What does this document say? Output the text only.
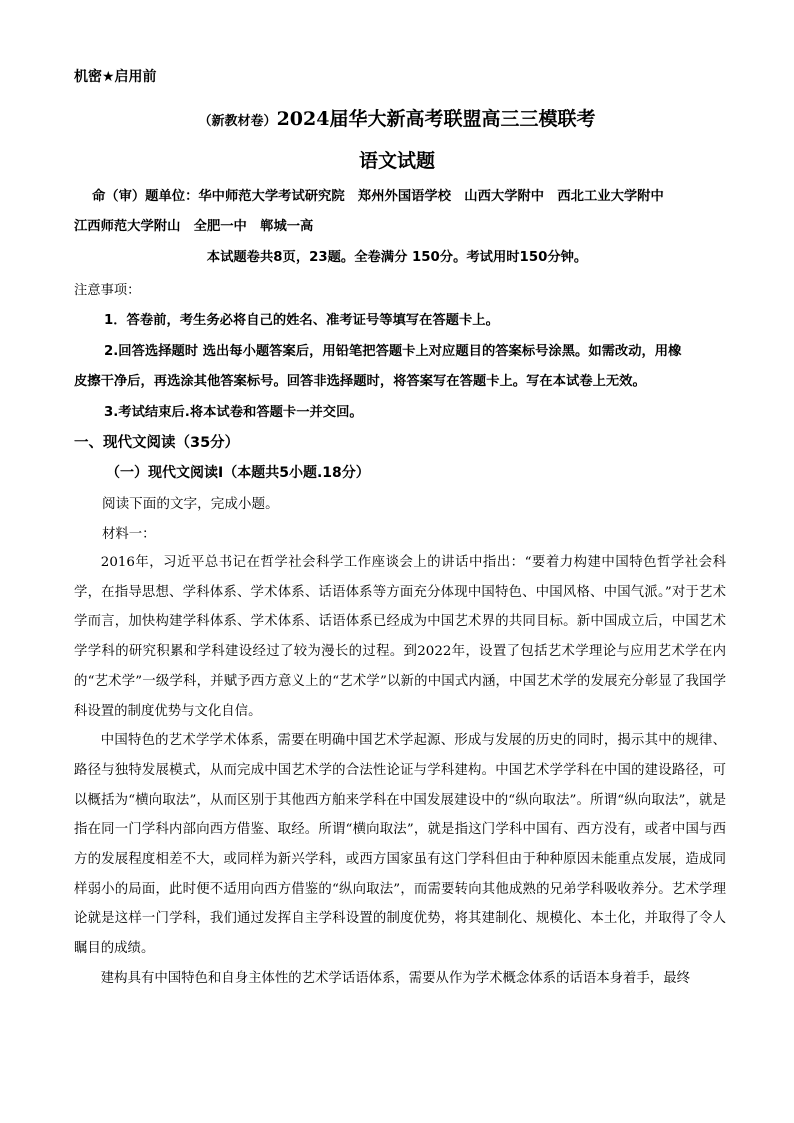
机密★启用前
（新教材卷）2024届华大新高考联盟高三三模联考
语文试题
命（审）题单位：华中师范大学考试研究院　郑州外国语学校　山西大学附中　西北工业大学附中
江西师范大学附山　全肥一中　郸城一高
本试题卷共8页，23题。全卷满分 150分。考试用时150分钟。
注意事项：
1．答卷前，考生务必将自己的姓名、准考证号等填写在答题卡上。
2.回答选择题时 选出每小题答案后，用铅笔把答题卡上对应题目的答案标号涂黑。如需改动，用橡
皮擦干净后，再选涂其他答案标号。回答非选择题时，将答案写在答题卡上。写在本试卷上无效。
3.考试结束后.将本试卷和答题卡一并交回。
一、现代文阅读（35分）
（一）现代文阅读Ⅰ（本题共5小题.18分）
阅读下面的文字，完成小题。
材料一：

2016年，习近平总书记在哲学社会科学工作座谈会上的讲话中指出：“要着力构建中国特色哲学社会科学，在指导思想、学科体系、学术体系、话语体系等方面充分体现中国特色、中国风格、中国气派。”对于艺术学而言，加快构建学科体系、学术体系、话语体系已经成为中国艺术界的共同目标。新中国成立后，中国艺术学学科的研究积累和学科建设经过了较为漫长的过程。到2022年，设置了包括艺术学理论与应用艺术学在内的“艺术学”一级学科，并赋予西方意义上的“艺术学”以新的中国式内涵，中国艺术学的发展充分彰显了我国学科设置的制度优势与文化自信。

中国特色的艺术学学术体系，需要在明确中国艺术学起源、形成与发展的历史的同时，揭示其中的规律、路径与独特发展模式，从而完成中国艺术学的合法性论证与学科建构。中国艺术学学科在中国的建设路径，可以概括为“横向取法”，从而区别于其他西方舶来学科在中国发展建设中的“纵向取法”。所谓“纵向取法”，就是指在同一门学科内部向西方借鉴、取经。所谓“横向取法”，就是指这门学科中国有、西方没有，或者中国与西方的发展程度相差不大，或同样为新兴学科，或西方国家虽有这门学科但由于种种原因未能重点发展，造成同样弱小的局面，此时便不适用向西方借鉴的“纵向取法”，而需要转向其他成熟的兄弟学科吸收养分。艺术学理论就是这样一门学科，我们通过发挥自主学科设置的制度优势，将其建制化、规模化、本土化，并取得了令人瞩目的成绩。

建构具有中国特色和自身主体性的艺术学话语体系，需要从作为学术概念体系的话语本身着手，最终
